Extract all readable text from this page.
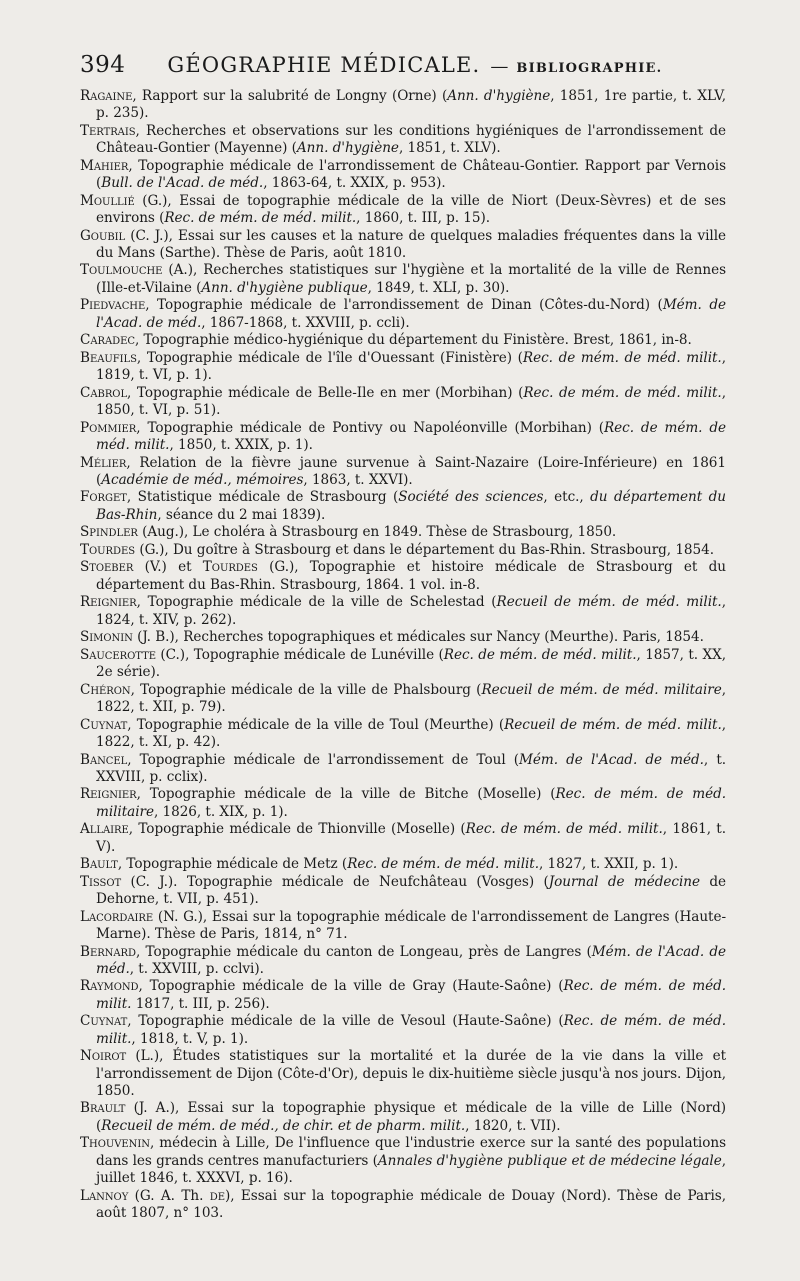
394 GÉOGRAPHIE MÉDICALE. — BIBLIOGRAPHIE.

Ragaine, Rapport sur la salubrité de Longny (Orne) (Ann. d'hygiène, 1851, 1re partie, t. XLV, p. 235).

Tertrais, Recherches et observations sur les conditions hygiéniques de l'arrondissement de Château-Gontier (Mayenne) (Ann. d'hygiène, 1851, t. XLV).

Mahier, Topographie médicale de l'arrondissement de Château-Gontier. Rapport par Vernois (Bull. de l'Acad. de méd., 1863-64, t. XXIX, p. 953).

Moullié (G.), Essai de topographie médicale de la ville de Niort (Deux-Sèvres) et de ses environs (Rec. de mém. de méd. milit., 1860, t. III, p. 15).

Goubil (C. J.), Essai sur les causes et la nature de quelques maladies fréquentes dans la ville du Mans (Sarthe). Thèse de Paris, août 1810.

Toulmouche (A.), Recherches statistiques sur l'hygiène et la mortalité de la ville de Rennes (Ille-et-Vilaine (Ann. d'hygiène publique, 1849, t. XLI, p. 30).

Piedvache, Topographie médicale de l'arrondissement de Dinan (Côtes-du-Nord) (Mém. de l'Acad. de méd., 1867-1868, t. XXVIII, p. ccli).

Caradec, Topographie médico-hygiénique du département du Finistère. Brest, 1861, in-8.

Beaufils, Topographie médicale de l'île d'Ouessant (Finistère) (Rec. de mém. de méd. milit., 1819, t. VI, p. 1).

Cabrol, Topographie médicale de Belle-Ile en mer (Morbihan) (Rec. de mém. de méd. milit., 1850, t. VI, p. 51).

Pommier, Topographie médicale de Pontivy ou Napoléonville (Morbihan) (Rec. de mém. de méd. milit., 1850, t. XXIX, p. 1).

Mélier, Relation de la fièvre jaune survenue à Saint-Nazaire (Loire-Inférieure) en 1861 (Académie de méd., mémoires, 1863, t. XXVI).

Forget, Statistique médicale de Strasbourg (Société des sciences, etc., du département du Bas-Rhin, séance du 2 mai 1839).

Spindler (Aug.), Le choléra à Strasbourg en 1849. Thèse de Strasbourg, 1850.

Tourdes (G.), Du goître à Strasbourg et dans le département du Bas-Rhin. Strasbourg, 1854.

Stoeber (V.) et Tourdes (G.), Topographie et histoire médicale de Strasbourg et du département du Bas-Rhin. Strasbourg, 1864. 1 vol. in-8.

Reignier, Topographie médicale de la ville de Schelestad (Recueil de mém. de méd. milit., 1824, t. XIV, p. 262).

Simonin (J. B.), Recherches topographiques et médicales sur Nancy (Meurthe). Paris, 1854.

Saucerotte (C.), Topographie médicale de Lunéville (Rec. de mém. de méd. milit., 1857, t. XX, 2e série).

Chéron, Topographie médicale de la ville de Phalsbourg (Recueil de mém. de méd. militaire, 1822, t. XII, p. 79).

Cuynat, Topographie médicale de la ville de Toul (Meurthe) (Recueil de mém. de méd. milit., 1822, t. XI, p. 42).

Bancel, Topographie médicale de l'arrondissement de Toul (Mém. de l'Acad. de méd., t. XXVIII, p. cclix).

Reignier, Topographie médicale de la ville de Bitche (Moselle) (Rec. de mém. de méd. militaire, 1826, t. XIX, p. 1).

Allaire, Topographie médicale de Thionville (Moselle) (Rec. de mém. de méd. milit., 1861, t. V).

Bault, Topographie médicale de Metz (Rec. de mém. de méd. milit., 1827, t. XXII, p. 1).

Tissot (C. J.). Topographie médicale de Neufchâteau (Vosges) (Journal de médecine de Dehorne, t. VII, p. 451).

Lacordaire (N. G.), Essai sur la topographie médicale de l'arrondissement de Langres (Haute-Marne). Thèse de Paris, 1814, n° 71.

Bernard, Topographie médicale du canton de Longeau, près de Langres (Mém. de l'Acad. de méd., t. XXVIII, p. cclvi).

Raymond, Topographie médicale de la ville de Gray (Haute-Saône) (Rec. de mém. de méd. milit. 1817, t. III, p. 256).

Cuynat, Topographie médicale de la ville de Vesoul (Haute-Saône) (Rec. de mém. de méd. milit., 1818, t. V, p. 1).

Noirot (L.), Études statistiques sur la mortalité et la durée de la vie dans la ville et l'arrondissement de Dijon (Côte-d'Or), depuis le dix-huitième siècle jusqu'à nos jours. Dijon, 1850.

Brault (J. A.), Essai sur la topographie physique et médicale de la ville de Lille (Nord) (Recueil de mém. de méd., de chir. et de pharm. milit., 1820, t. VII).

Thouvenin, médecin à Lille, De l'influence que l'industrie exerce sur la santé des populations dans les grands centres manufacturiers (Annales d'hygiène publique et de médecine légale, juillet 1846, t. XXXVI, p. 16).

Lannoy (G. A. Th. de), Essai sur la topographie médicale de Douay (Nord). Thèse de Paris, août 1807, n° 103.
